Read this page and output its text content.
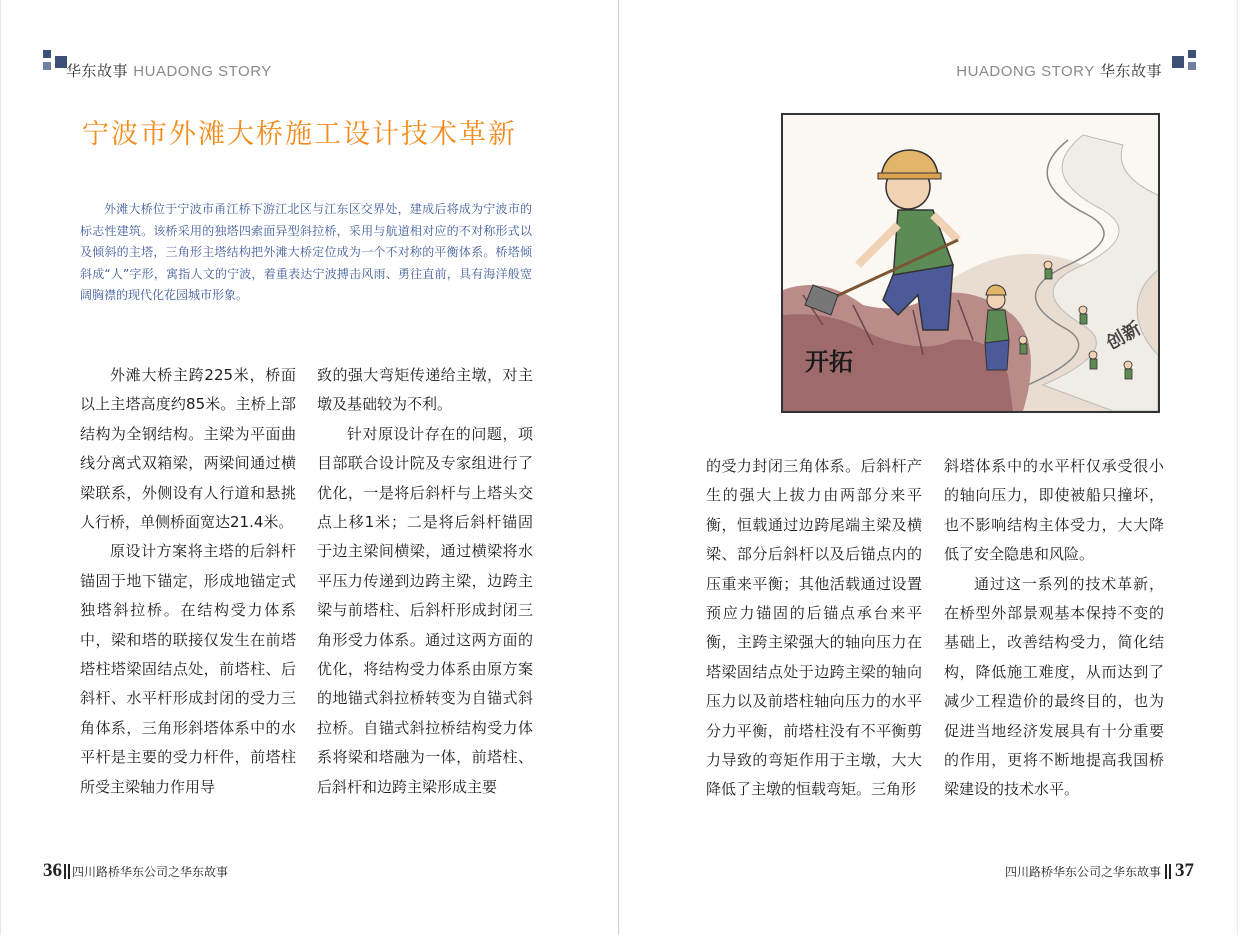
华东故事 HUADONG STORY
宁波市外滩大桥施工设计技术革新
外滩大桥位于宁波市甬江桥下游江北区与江东区交界处，建成后将成为宁波市的标志性建筑。该桥采用的独塔四索面异型斜拉桥，采用与航道相对应的不对称形式以及倾斜的主塔，三角形主塔结构把外滩大桥定位成为一个不对称的平衡体系。桥塔倾斜成“人”字形，寓指人文的宁波，着重表达宁波搏击风雨、勇往直前，具有海洋般宽阔胸襟的现代化花园城市形象。

外滩大桥主跨225米，桥面以上主塔高度约85米。主桥上部结构为全钢结构。主梁为平面曲线分离式双箱梁，两梁间通过横梁联系，外侧设有人行道和悬挑人行桥，单侧桥面宽达21.4米。

原设计方案将主塔的后斜杆锚固于地下锚定，形成地锚定式独塔斜拉桥。在结构受力体系中，梁和塔的联接仅发生在前塔塔柱塔梁固结点处，前塔柱、后斜杆、水平杆形成封闭的受力三角体系，三角形斜塔体系中的水平杆是主要的受力杆件，前塔柱所受主梁轴力作用导

致的强大弯矩传递给主墩，对主墩及基础较为不利。

针对原设计存在的问题，项目部联合设计院及专家组进行了优化，一是将后斜杆与上塔头交点上移1米；二是将后斜杆锚固于边主梁间横梁，通过横梁将水平压力传递到边跨主梁，边跨主梁与前塔柱、后斜杆形成封闭三角形受力体系。通过这两方面的优化，将结构受力体系由原方案的地锚式斜拉桥转变为自锚式斜拉桥。自锚式斜拉桥结构受力体系将梁和塔融为一体，前塔柱、后斜杆和边跨主梁形成主要

36 四川路桥华东公司之华东故事
HUADONG STORY 华东故事
创新
开拓

的受力封闭三角体系。后斜杆产生的强大上拔力由两部分来平衡，恒载通过边跨尾端主梁及横梁、部分后斜杆以及后锚点内的压重来平衡；其他活载通过设置预应力锚固的后锚点承台来平衡，主跨主梁强大的轴向压力在塔梁固结点处于边跨主梁的轴向压力以及前塔柱轴向压力的水平分力平衡，前塔柱没有不平衡剪力导致的弯矩作用于主墩，大大降低了主墩的恒载弯矩。三角形

斜塔体系中的水平杆仅承受很小的轴向压力，即使被船只撞坏，也不影响结构主体受力，大大降低了安全隐患和风险。

通过这一系列的技术革新，在桥型外部景观基本保持不变的基础上，改善结构受力，简化结构，降低施工难度，从而达到了减少工程造价的最终目的，也为促进当地经济发展具有十分重要的作用，更将不断地提高我国桥梁建设的技术水平。

四川路桥华东公司之华东故事 37
